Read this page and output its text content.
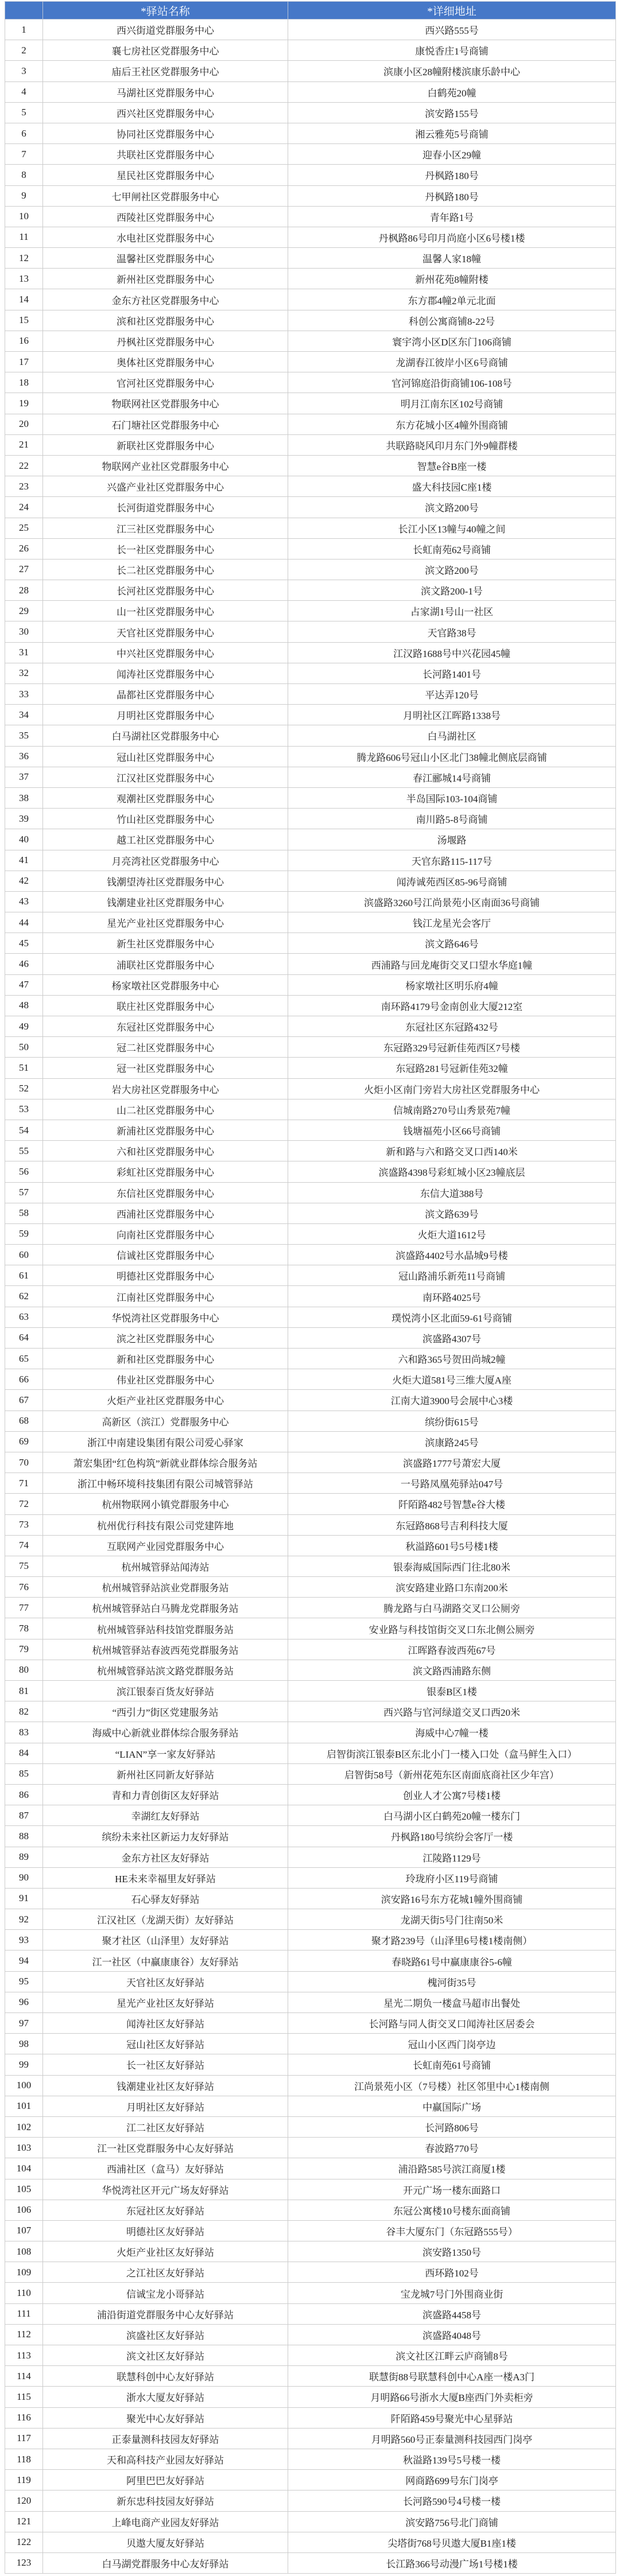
	*驿站名称	*详细地址
1	西兴街道党群服务中心	西兴路555号
2	襄七房社区党群服务中心	康悦香庄1号商铺
3	庙后王社区党群服务中心	滨康小区28幢附楼滨康乐龄中心
4	马湖社区党群服务中心	白鹤苑20幢
5	西兴社区党群服务中心	滨安路155号
6	协同社区党群服务中心	湘云雅苑5号商铺
7	共联社区党群服务中心	迎春小区29幢
8	星民社区党群服务中心	丹枫路180号
9	七甲闸社区党群服务中心	丹枫路180号
10	西陵社区党群服务中心	青年路1号
11	水电社区党群服务中心	丹枫路86号印月尚庭小区6号楼1楼
12	温馨社区党群服务中心	温馨人家18幢
13	新州社区党群服务中心	新州花苑8幢附楼
14	金东方社区党群服务中心	东方郡4幢2单元北面
15	滨和社区党群服务中心	科创公寓商铺8-22号
16	丹枫社区党群服务中心	寰宇湾小区D区东门106商铺
17	奥体社区党群服务中心	龙湖春江彼岸小区6号商铺
18	官河社区党群服务中心	官河锦庭沿街商铺106-108号
19	物联网社区党群服务中心	明月江南东区102号商铺
20	石门塘社区党群服务中心	东方花城小区4幢外围商铺
21	新联社区党群服务中心	共联路晓风印月东门外9幢群楼
22	物联网产业社区党群服务中心	智慧e谷B座一楼
23	兴盛产业社区党群服务中心	盛大科技园C座1楼
24	长河街道党群服务中心	滨文路200号
25	江三社区党群服务中心	长江小区13幢与40幢之间
26	长一社区党群服务中心	长虹南苑62号商铺
27	长二社区党群服务中心	滨文路200号
28	长河社区党群服务中心	滨文路200-1号
29	山一社区党群服务中心	占家湖1号山一社区
30	天官社区党群服务中心	天官路38号
31	中兴社区党群服务中心	江汉路1688号中兴花园45幢
32	闻涛社区党群服务中心	长河路1401号
33	晶都社区党群服务中心	平达弄120号
34	月明社区党群服务中心	月明社区江晖路1338号
35	白马湖社区党群服务中心	白马湖社区
36	冠山社区党群服务中心	腾龙路606号冠山小区北门38幢北侧底层商铺
37	江汉社区党群服务中心	春江郦城14号商铺
38	观潮社区党群服务中心	半岛国际103-104商铺
39	竹山社区党群服务中心	南川路5-8号商铺
40	越工社区党群服务中心	汤堰路
41	月亮湾社区党群服务中心	天官东路115-117号
42	钱潮望涛社区党群服务中心	闻涛诚苑西区85-96号商铺
43	钱潮建业社区党群服务中心	滨盛路3260号江尚景苑小区南面36号商铺
44	星光产业社区党群服务中心	钱江龙星光会客厅
45	新生社区党群服务中心	滨文路646号
46	浦联社区党群服务中心	西浦路与回龙庵街交叉口望水华庭1幢
47	杨家墩社区党群服务中心	杨家墩社区明乐府4幢
48	联庄社区党群服务中心	南环路4179号金南创业大厦212室
49	东冠社区党群服务中心	东冠社区东冠路432号
50	冠二社区党群服务中心	东冠路329号冠新佳苑西区7号楼
51	冠一社区党群服务中心	东冠路281号冠新佳苑32幢
52	岩大房社区党群服务中心	火炬小区南门旁岩大房社区党群服务中心
53	山二社区党群服务中心	信城南路270号山秀景苑7幢
54	新浦社区党群服务中心	钱塘福苑小区66号商铺
55	六和社区党群服务中心	新和路与六和路交叉口西140米
56	彩虹社区党群服务中心	滨盛路4398号彩虹城小区23幢底层
57	东信社区党群服务中心	东信大道388号
58	西浦社区党群服务中心	滨文路639号
59	向南社区党群服务中心	火炬大道1612号
60	信诚社区党群服务中心	滨盛路4402号水晶城9号楼
61	明德社区党群服务中心	冠山路浦乐新苑11号商铺
62	江南社区党群服务中心	南环路4025号
63	华悦湾社区党群服务中心	璞悦湾小区北面59-61号商铺
64	滨之社区党群服务中心	滨盛路4307号
65	新和社区党群服务中心	六和路365号贺田尚城2幢
66	伟业社区党群服务中心	火炬大道581号三维大厦A座
67	火炬产业社区党群服务中心	江南大道3900号会展中心3楼
68	高新区（滨江）党群服务中心	缤纷街615号
69	浙江中南建设集团有限公司爱心驿家	滨康路245号
70	萧宏集团“红色构筑”新就业群体综合服务站	滨盛路1777号萧宏大厦
71	浙江中畅环境科技集团有限公司城管驿站	一号路凤凰苑驿站047号
72	杭州物联网小镇党群服务中心	阡陌路482号智慧e谷大楼
73	杭州优行科技有限公司党建阵地	东冠路868号吉利科技大厦
74	互联网产业园党群服务中心	秋溢路601号5号楼1楼
75	杭州城管驿站闻涛站	银泰海威国际西门往北80米
76	杭州城管驿站滨业党群服务站	滨安路建业路口东南200米
77	杭州城管驿站白马腾龙党群服务站	腾龙路与白马湖路交叉口公厕旁
78	杭州城管驿站科技馆党群服务站	安业路与科技馆街交叉口东北侧公厕旁
79	杭州城管驿站春波西苑党群服务站	江晖路春波西苑67号
80	杭州城管驿站滨文路党群服务站	滨文路西浦路东侧
81	滨江银泰百货友好驿站	银泰B区1楼
82	“西引力”街区党建服务站	西兴路与官河绿道交叉口西20米
83	海威中心新就业群体综合服务驿站	海威中心7幢一楼
84	“LIAN”享一家友好驿站	启智街滨江银泰B区东北小门一楼入口处（盒马鲜生入口）
85	新州社区同新友好驿站	启智街58号（新州花苑东区南面底商社区少年宫）
86	青和力青创街区友好驿站	创业人才公寓7号楼1楼
87	幸湖红友好驿站	白马湖小区白鹤苑20幢一楼东门
88	缤纷未来社区新运力友好驿站	丹枫路180号缤纷会客厅一楼
89	金东方社区友好驿站	江陵路1129号
90	HE未来幸福里友好驿站	玲珑府小区119号商铺
91	石心驿友好驿站	滨安路16号东方花城1幢外围商铺
92	江汉社区（龙湖天街）友好驿站	龙湖天街5号门往南50米
93	聚才社区（山泽里）友好驿站	聚才路239号（山泽里6号楼1楼南侧）
94	江一社区（中赢康康谷）友好驿站	春晓路61号中赢康康谷5-6幢
95	天官社区友好驿站	槐河街35号
96	星光产业社区友好驿站	星光二期负一楼盒马超市出餐处
97	闻涛社区友好驿站	长河路与同人街交叉口闻涛社区居委会
98	冠山社区友好驿站	冠山小区西门岗亭边
99	长一社区友好驿站	长虹南苑61号商铺
100	钱潮建业社区友好驿站	江尚景苑小区（7号楼）社区邻里中心1楼南侧
101	月明社区友好驿站	中赢国际广场
102	江二社区友好驿站	长河路806号
103	江一社区党群服务中心友好驿站	春波路770号
104	西浦社区（盒马）友好驿站	浦沿路585号滨江商厦1楼
105	华悦湾社区开元广场友好驿站	开元广场一楼东面路口
106	东冠社区友好驿站	东冠公寓楼10号楼东面商铺
107	明德社区友好驿站	谷丰大厦东门（东冠路555号）
108	火炬产业社区友好驿站	滨安路1350号
109	之江社区友好驿站	西环路102号
110	信诚宝龙小哥驿站	宝龙城7号门外围商业街
111	浦沿街道党群服务中心友好驿站	滨盛路4458号
112	滨盛社区友好驿站	滨盛路4048号
113	滨文社区友好驿站	滨文社区江畔云庐商铺8号
114	联慧科创中心友好驿站	联慧街88号联慧科创中心A座一楼A3门
115	浙水大厦友好驿站	月明路66号浙水大厦B座西门外卖柜旁
116	聚光中心友好驿站	阡陌路459号聚光中心星驿站
117	正泰量测科技园友好驿站	月明路560号正泰量测科技园西门岗亭
118	天和高科技产业园友好驿站	秋溢路139号5号楼一楼
119	阿里巴巴友好驿站	网商路699号东门岗亭
120	新东忠科技园友好驿站	长河路590号4号楼一楼
121	上峰电商产业园友好驿站	滨安路756号北门商铺
122	贝遨大厦友好驿站	尖塔街768号贝遨大厦B1座1楼
123	白马湖党群服务中心友好驿站	长江路366号动漫广场1号楼1楼
